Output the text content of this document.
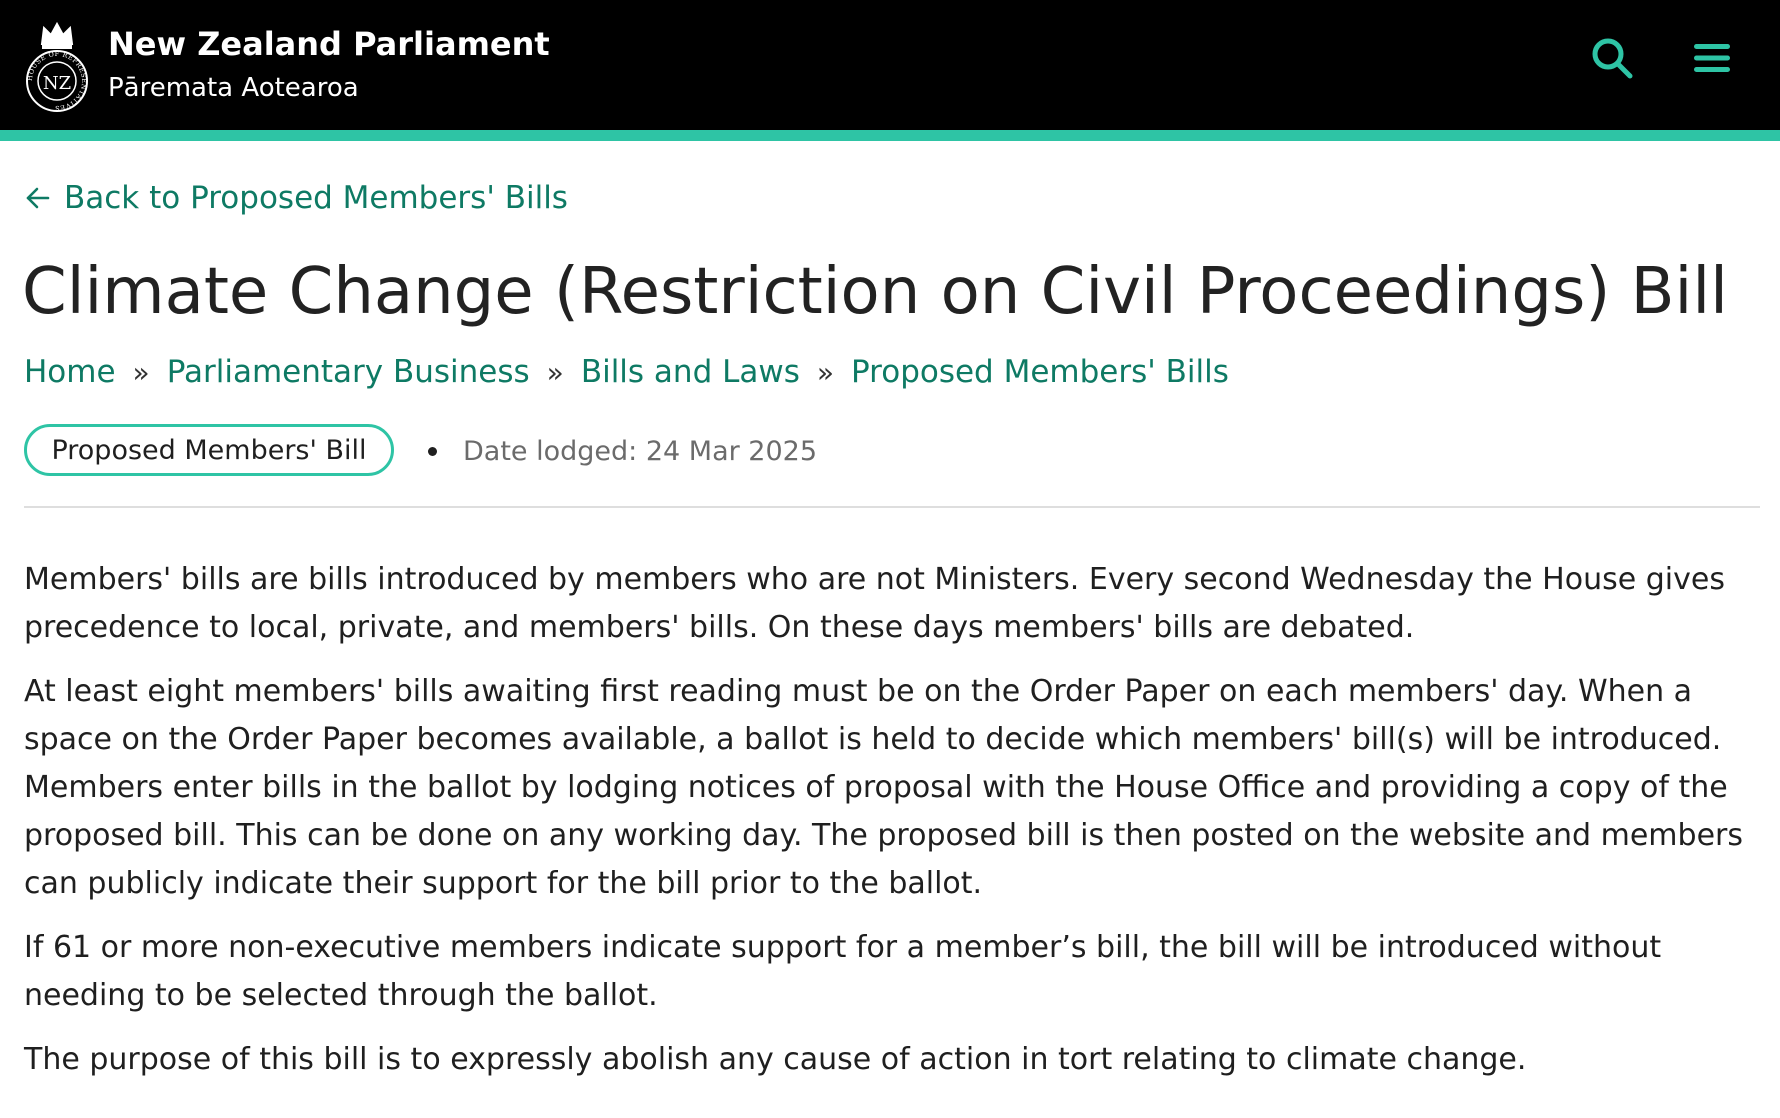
HOUSE OF REPRESENTATIVES
NZ
New Zealand Parliament
Pāremata Aotearoa
Back to Proposed Members' Bills
Climate Change (Restriction on Civil Proceedings) Bill
Home » Parliamentary Business » Bills and Laws » Proposed Members' Bills
Proposed Members' Bill	Date lodged: 24 Mar 2025

Members' bills are bills introduced by members who are not Ministers. Every second Wednesday the House gives precedence to local, private, and members' bills. On these days members' bills are debated.

At least eight members' bills awaiting first reading must be on the Order Paper on each members' day. When a space on the Order Paper becomes available, a ballot is held to decide which members' bill(s) will be introduced. Members enter bills in the ballot by lodging notices of proposal with the House Office and providing a copy of the proposed bill. This can be done on any working day. The proposed bill is then posted on the website and members can publicly indicate their support for the bill prior to the ballot.

If 61 or more non-executive members indicate support for a member’s bill, the bill will be introduced without needing to be selected through the ballot.

The purpose of this bill is to expressly abolish any cause of action in tort relating to climate change.
